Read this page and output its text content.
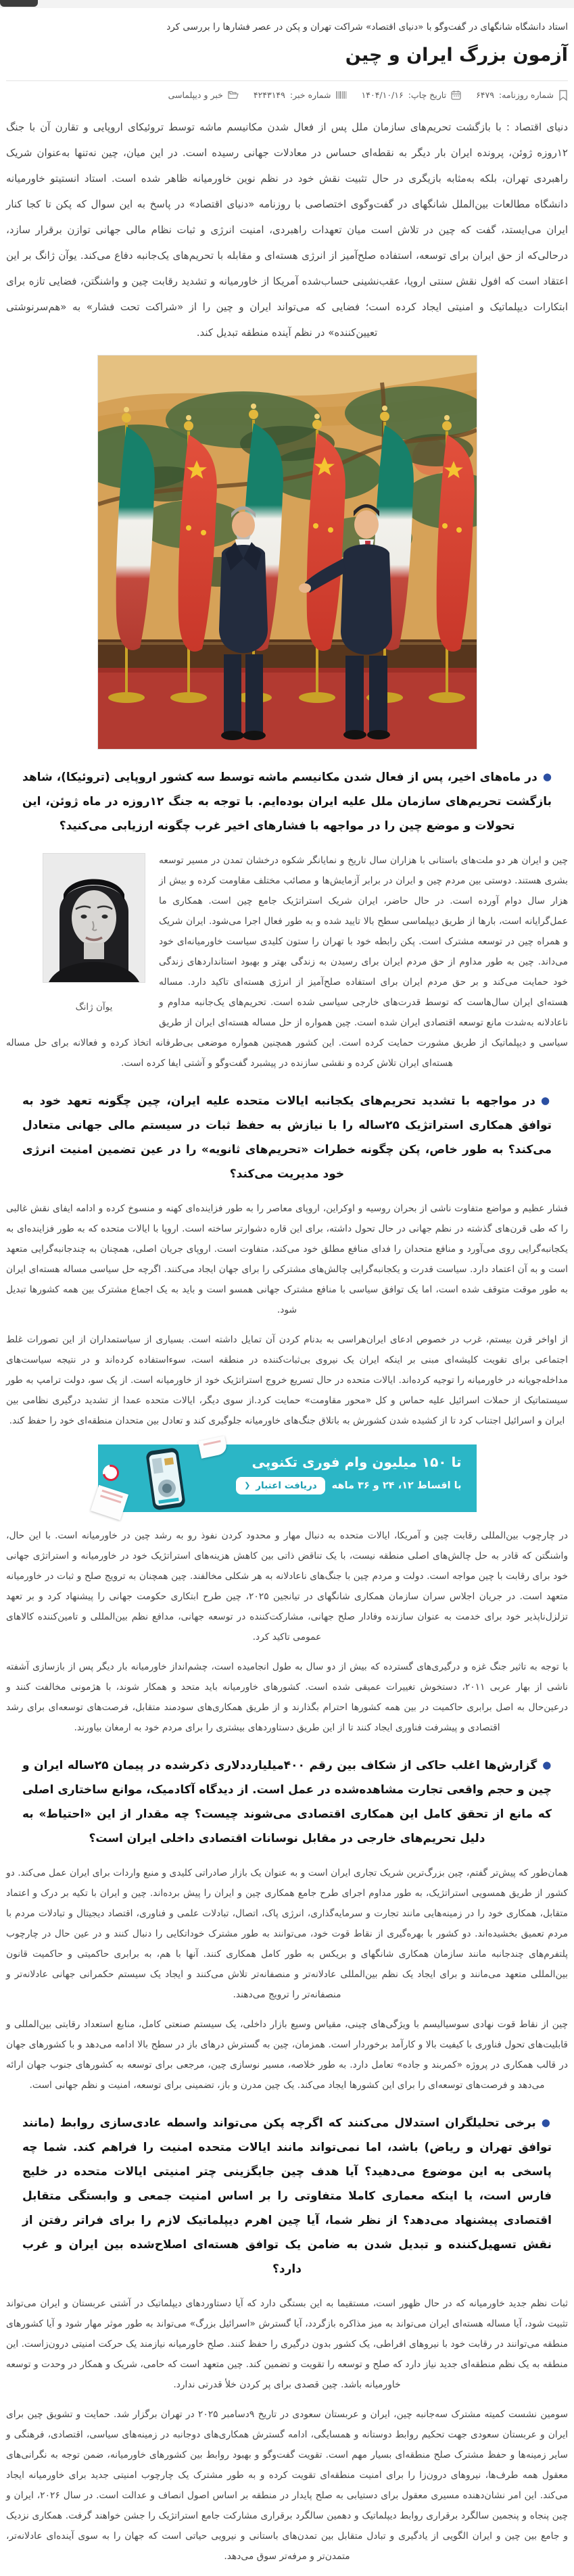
استاد دانشگاه شانگهای در گفت‌وگو با «دنیای اقتصاد» شراکت تهران و پکن در عصر فشارها را بررسی کرد
آزمون بزرگ ایران و چین
شماره روزنامه:
۶۴۷۹
تاریخ چاپ:
۱۴۰۴/۱۰/۱۶
شماره خبر:
۴۲۴۳۱۴۹
خبر و دیپلماسی

دنیای اقتصاد : با بازگشت تحریم‌های سازمان ملل پس از فعال شدن مکانیسم ماشه توسط تروئیکای اروپایی و تقارن آن با جنگ ۱۲روزه ژوئن، پرونده ایران بار دیگر به نقطه‌ای حساس در معادلات جهانی رسیده است. در این میان، چین نه‌تنها به‌عنوان شریک راهبردی تهران، بلکه به‌مثابه بازیگری در حال تثبیت نقش خود در نظم نوین خاورمیانه ظاهر شده است. استاد انستیتو خاورمیانه دانشگاه مطالعات بین‌الملل شانگهای در گفت‌وگوی اختصاصی با روزنامه «دنیای اقتصاد» در پاسخ به این سوال که پکن تا کجا کنار ایران می‌ایستد، گفت که چین در تلاش است میان تعهدات راهبردی، امنیت انرژی و ثبات نظام مالی جهانی توازن برقرار سازد، درحالی‌که از حق ایران برای توسعه، استفاده صلح‌آمیز از انرژی هسته‌ای و مقابله با تحریم‌های یک‌جانبه دفاع می‌کند. یوآن ژانگ بر این اعتقاد است که افول نقش سنتی اروپا، عقب‌نشینی حساب‌شده آمریکا از خاورمیانه و تشدید رقابت چین و واشنگتن، فضایی تازه برای ابتکارات دیپلماتیک و امنیتی ایجاد کرده است؛ فضایی که می‌تواند ایران و چین را از «شراکت تحت فشار» به «هم‌سرنوشتی تعیین‌کننده» در نظم آینده منطقه تبدیل کند.

●در ماه‌های اخیر، پس از فعال شدن مکانیسم ماشه توسط سه کشور اروپایی (تروئیکا)، شاهد بازگشت تحریم‌های سازمان ملل علیه ایران بوده‌ایم. با توجه به جنگ ۱۲روزه در ماه ژوئن، این تحولات و موضع چین را در مواجهه با فشارهای اخیر غرب چگونه ارزیابی می‌کنید؟

یوآن ژانگ
چین و ایران هر دو ملت‌های باستانی با هزاران سال تاریخ و نمایانگر شکوه درخشان تمدن در مسیر توسعه بشری هستند. دوستی بین مردم چین و ایران در برابر آزمایش‌ها و مصائب مختلف مقاومت کرده و بیش از هزار سال دوام آورده است. در حال حاضر، ایران شریک استراتژیک جامع چین است. همکاری ما عمل‌گرایانه است، بارها از طریق دیپلماسی سطح بالا تایید شده و به طور فعال اجرا می‌شود. ایران شریک و همراه چین در توسعه مشترک است. پکن رابطه خود با تهران را ستون کلیدی سیاست خاورمیانه‌ای خود می‌داند. چین به طور مداوم از حق مردم ایران برای رسیدن به زندگی بهتر و بهبود استانداردهای زندگی خود حمایت می‌کند و بر حق مردم ایران برای استفاده صلح‌آمیز از انرژی هسته‌ای تاکید دارد. مساله هسته‌ای ایران سال‌هاست که توسط قدرت‌های خارجی سیاسی شده است. تحریم‌های یک‌جانبه مداوم و ناعادلانه به‌شدت مانع توسعه اقتصادی ایران شده است. چین همواره از حل مساله هسته‌ای ایران از طریق سیاسی و دیپلماتیک از طریق مشورت حمایت کرده است. این کشور همچنین همواره موضعی بی‌طرفانه اتخاذ کرده و فعالانه برای حل مساله هسته‌ای ایران تلاش کرده و نقشی سازنده در پیشبرد گفت‌وگو و آشتی ایفا کرده است.

●در مواجهه با تشدید تحریم‌های یکجانبه ایالات متحده علیه ایران، چین چگونه تعهد خود به توافق همکاری استراتژیک ۲۵ساله را با نیازش به حفظ ثبات در سیستم مالی جهانی متعادل می‌کند؟ به طور خاص، پکن چگونه خطرات «تحریم‌های ثانویه» را در عین تضمین امنیت انرژی خود مدیریت می‌کند؟

فشار عظیم و مواضع متفاوت ناشی از بحران روسیه و اوکراین، اروپای معاصر را به طور فزاینده‌ای کهنه و منسوخ کرده و ادامه ایفای نقش غالبی را که طی قرن‌های گذشته در نظم جهانی در حال تحول داشته، برای این قاره دشوارتر ساخته است. اروپا با ایالات متحده که به طور فزاینده‌ای به یکجانبه‌گرایی روی می‌آورد و منافع متحدان را فدای منافع مطلق خود می‌کند، متفاوت است. اروپای جریان اصلی، همچنان به چندجانبه‌گرایی متعهد است و به آن اعتماد دارد. سیاست قدرت و یکجانبه‌گرایی چالش‌های مشترکی را برای جهان ایجاد می‌کنند. اگرچه حل سیاسی مساله هسته‌ای ایران به طور موقت متوقف شده است، اما یک توافق سیاسی با منافع مشترک جهانی همسو است و باید به یک اجماع مشترک بین همه کشورها تبدیل شود.

از اواخر قرن بیستم، غرب در خصوص ادعای ایران‌هراسی به بدنام کردن آن تمایل داشته است. بسیاری از سیاستمداران از این تصورات غلط اجتماعی برای تقویت کلیشه‌ای مبنی بر اینکه ایران یک نیروی بی‌ثبات‌کننده در منطقه است، سوءاستفاده کرده‌اند و در نتیجه سیاست‌های مداخله‌جویانه در خاورمیانه را توجیه کرده‌اند. ایالات متحده در حال تسریع خروج استراتژیک خود از خاورمیانه است. از یک سو، دولت ترامپ به طور سیستماتیک از حملات اسرائیل علیه حماس و کل «محور مقاومت» حمایت کرد.از سوی دیگر، ایالات متحده عمدا از تشدید درگیری نظامی بین ایران و اسرائیل اجتناب کرد تا از کشیده شدن کشورش به باتلاق جنگ‌های خاورمیانه جلوگیری کند و تعادل بین متحدان منطقه‌ای خود را حفظ کند.

تا ۱۵۰ میلیون وام فوری تکنوپی
با اقساط ۱۲، ۲۴ و ۳۶ ماهه
دریافت اعتبار
❮

در چارچوب بین‌المللی رقابت چین و آمریکا، ایالات متحده به دنبال مهار و محدود کردن نفوذ رو به رشد چین در خاورمیانه است. با این حال، واشنگتن که قادر به حل چالش‌های اصلی منطقه نیست، با یک تناقض ذاتی بین کاهش هزینه‌های استراتژیک خود در خاورمیانه و استراتژی جهانی خود برای رقابت با چین مواجه است. دولت و مردم چین با جنگ‌های ناعادلانه به هر شکلی مخالفند. چین همچنان به ترویج صلح و ثبات در خاورمیانه متعهد است. در جریان اجلاس سران سازمان همکاری شانگهای در تیانجین ۲۰۲۵، چین طرح ابتکاری حکومت جهانی را پیشنهاد کرد و بر تعهد تزلزل‌ناپذیر خود برای خدمت به عنوان سازنده وفادار صلح جهانی، مشارکت‌کننده در توسعه جهانی، مدافع نظم بین‌المللی و تامین‌کننده کالاهای عمومی تاکید کرد.

با توجه به تاثیر جنگ غزه و درگیری‌های گسترده که بیش از دو سال به طول انجامیده است، چشم‌انداز خاورمیانه بار دیگر پس از بازسازی آشفته ناشی از بهار عربی ۲۰۱۱، دستخوش تغییرات عمیقی شده است. کشورهای خاورمیانه باید متحد و همکار شوند، با هژمونی مخالفت کنند و درعین‌حال به اصل برابری حاکمیت در بین همه کشورها احترام بگذارند و از طریق همکاری‌های سودمند متقابل، فرصت‌های توسعه‌ای برای رشد اقتصادی و پیشرفت فناوری ایجاد کنند تا از این طریق دستاوردهای بیشتری را برای مردم خود به ارمغان بیاورند.

●گزارش‌ها اغلب حاکی از شکاف بین رقم ۴۰۰میلیارددلاری ذکرشده در پیمان ۲۵ساله ایران و چین و حجم واقعی تجارت مشاهده‌شده در عمل است. از دیدگاه آکادمیک، موانع ساختاری اصلی که مانع از تحقق کامل این همکاری اقتصادی می‌شوند چیست؟ چه مقدار از این «احتیاط» به دلیل تحریم‌های خارجی در مقابل نوسانات اقتصادی داخلی ایران است؟

همان‌طور که پیش‌تر گفتم، چین بزرگ‌ترین شریک تجاری ایران است و به عنوان یک بازار صادراتی کلیدی و منبع واردات برای ایران عمل می‌کند. دو کشور از طریق همسویی استراتژیک، به طور مداوم اجرای طرح جامع همکاری چین و ایران را پیش برده‌اند. چین و ایران با تکیه بر درک و اعتماد متقابل، همکاری خود را در زمینه‌هایی مانند تجارت و سرمایه‌گذاری، انرژی پاک، اتصال، تبادلات علمی و فناوری، اقتصاد دیجیتال و تبادلات مردم با مردم تعمیق بخشیده‌اند. دو کشور با بهره‌گیری از نقاط قوت خود، می‌توانند به طور مشترک خوداتکایی را دنبال کنند و در عین حال در چارچوب پلتفرم‌های چندجانبه مانند سازمان همکاری شانگهای و بریکس به طور کامل همکاری کنند. آنها با هم، به برابری حاکمیتی و حاکمیت قانون بین‌المللی متعهد می‌مانند و برای ایجاد یک نظم بین‌المللی عادلانه‌تر و منصفانه‌تر تلاش می‌کنند و ایجاد یک سیستم حکمرانی جهانی عادلانه‌تر و منصفانه‌تر را ترویج می‌دهند.

چین از نقاط قوت نهادی سوسیالیسم با ویژگی‌های چینی، مقیاس وسیع بازار داخلی، یک سیستم صنعتی کامل، منابع استعداد رقابتی بین‌المللی و قابلیت‌های تحول فناوری با کیفیت بالا و کارآمد برخوردار است. همزمان، چین به گسترش درهای باز در سطح بالا ادامه می‌دهد و با کشورهای جهان در قالب همکاری در پروژه «کمربند و جاده» تعامل دارد. به طور خلاصه، مسیر نوسازی چین، مرجعی برای توسعه به کشورهای جنوب جهان ارائه می‌دهد و فرصت‌های توسعه‌ای را برای این کشورها ایجاد می‌کند. یک چین مدرن و باز، تضمینی برای توسعه، امنیت و نظم جهانی است.

●برخی تحلیلگران استدلال می‌کنند که اگرچه پکن می‌تواند واسطه عادی‌سازی روابط (مانند توافق تهران و ریاض) باشد، اما نمی‌تواند مانند ایالات متحده امنیت را فراهم کند. شما چه پاسخی به این موضوع می‌دهید؟ آیا هدف چین جایگزینی چتر امنیتی ایالات متحده در خلیج فارس است، یا اینکه معماری کاملا متفاوتی را بر اساس امنیت جمعی و وابستگی متقابل اقتصادی پیشنهاد می‌دهد؟ از نظر شما، آیا چین اهرم دیپلماتیک لازم را برای فراتر رفتن از نقش تسهیل‌کننده و تبدیل شدن به ضامن یک توافق هسته‌ای اصلاح‌شده بین ایران و غرب دارد؟

ثبات نظم جدید خاورمیانه که در حال ظهور است، مستقیما به این بستگی دارد که آیا دستاوردهای دیپلماتیک در آشتی عربستان و ایران می‌تواند تثبیت شود، آیا مساله هسته‌ای ایران می‌تواند به میز مذاکره بازگردد، آیا گسترش «اسرائیل بزرگ» می‌تواند به طور موثر مهار شود و آیا کشورهای منطقه می‌توانند در رقابت خود با نیروهای افراطی، یک کشور بدون درگیری را حفظ کنند. صلح خاورمیانه نیازمند یک حرکت امنیتی درون‌زاست. این منطقه به یک نظم منطقه‌ای جدید نیاز دارد که صلح و توسعه را تقویت و تضمین کند. چین متعهد است که حامی، شریک و همکار در وحدت و توسعه خاورمیانه باشد. چین قصدی برای پر کردن خلأ قدرتی ندارد.

سومین نشست کمیته مشترک سه‌جانبه چین، ایران و عربستان سعودی در تاریخ ۹دسامبر ۲۰۲۵ در تهران برگزار شد. حمایت و تشویق چین برای ایران و عربستان سعودی جهت تحکیم روابط دوستانه و همسایگی، ادامه گسترش همکاری‌های دوجانبه در زمینه‌های سیاسی، اقتصادی، فرهنگی و سایر زمینه‌ها و حفظ مشترک صلح منطقه‌ای بسیار مهم است. تقویت گفت‌وگو و بهبود روابط بین کشورهای خاورمیانه، ضمن توجه به نگرانی‌های معقول همه طرف‌ها، نیروهای درون‌زا را برای امنیت منطقه‌ای تقویت کرده و به طور مشترک یک چارچوب امنیتی جدید برای خاورمیانه ایجاد می‌کند. این امر نشان‌دهنده مسیری معقول برای دستیابی به صلح پایدار در منطقه بر اساس اصول انصاف و عدالت است. در سال ۲۰۲۶، ایران و چین پنجاه و پنجمین سالگرد برقراری روابط دیپلماتیک و دهمین سالگرد برقراری مشارکت جامع استراتژیک را جشن خواهند گرفت. همکاری نزدیک و جامع بین چین و ایران الگویی از یادگیری و تبادل متقابل بین تمدن‌های باستانی و نیرویی حیاتی است که جهان را به سوی آینده‌ای عادلانه‌تر، متمدن‌تر و مرفه‌تر سوق می‌دهد.
